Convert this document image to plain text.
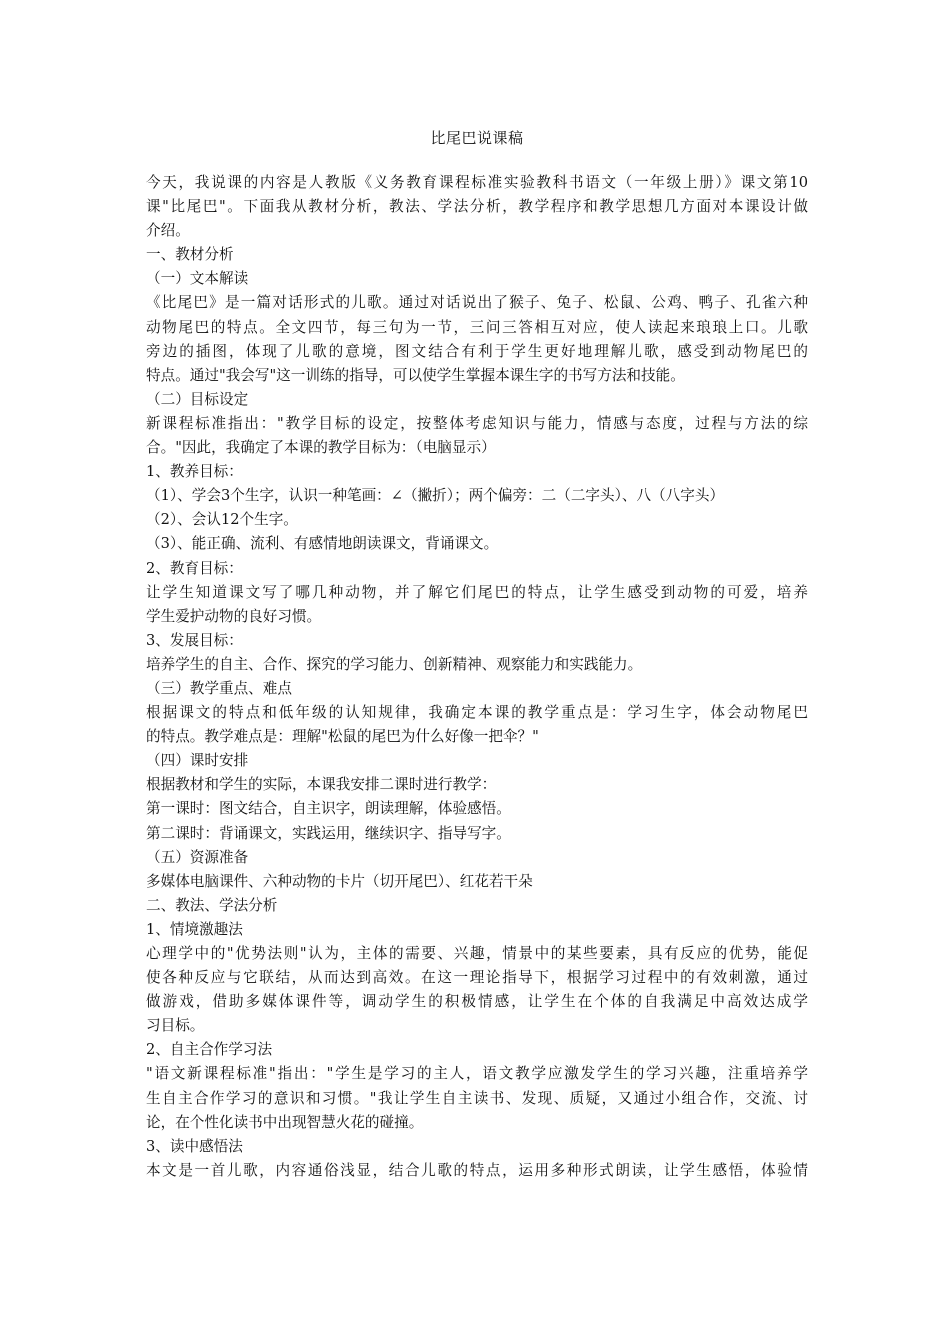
比尾巴说课稿
今天，我说课的内容是人教版《义务教育课程标准实验教科书语文（一年级上册）》课文第10
课"比尾巴"。下面我从教材分析，教法、学法分析，教学程序和教学思想几方面对本课设计做
介绍。
一、教材分析
（一）文本解读
《比尾巴》是一篇对话形式的儿歌。通过对话说出了猴子、兔子、松鼠、公鸡、鸭子、孔雀六种
动物尾巴的特点。全文四节，每三句为一节，三问三答相互对应，使人读起来琅琅上口。儿歌
旁边的插图，体现了儿歌的意境，图文结合有利于学生更好地理解儿歌，感受到动物尾巴的
特点。通过"我会写"这一训练的指导，可以使学生掌握本课生字的书写方法和技能。
（二）目标设定
新课程标准指出："教学目标的设定，按整体考虑知识与能力，情感与态度，过程与方法的综
合。"因此，我确定了本课的教学目标为：（电脑显示）
1、教养目标：
（1）、学会3个生字，认识一种笔画：∠（撇折）；两个偏旁：二（二字头）、八（八字头）
（2）、会认12个生字。
（3）、能正确、流利、有感情地朗读课文，背诵课文。
2、教育目标：
让学生知道课文写了哪几种动物，并了解它们尾巴的特点，让学生感受到动物的可爱，培养
学生爱护动物的良好习惯。
3、发展目标：
培养学生的自主、合作、探究的学习能力、创新精神、观察能力和实践能力。
（三）教学重点、难点
根据课文的特点和低年级的认知规律，我确定本课的教学重点是：学习生字，体会动物尾巴
的特点。教学难点是：理解"松鼠的尾巴为什么好像一把伞？"
（四）课时安排
根据教材和学生的实际，本课我安排二课时进行教学：
第一课时：图文结合，自主识字，朗读理解，体验感悟。
第二课时：背诵课文，实践运用，继续识字、指导写字。
（五）资源准备
多媒体电脑课件、六种动物的卡片（切开尾巴）、红花若干朵
二、教法、学法分析
1、情境激趣法
心理学中的"优势法则"认为，主体的需要、兴趣，情景中的某些要素，具有反应的优势，能促
使各种反应与它联结，从而达到高效。在这一理论指导下，根据学习过程中的有效刺激，通过
做游戏，借助多媒体课件等，调动学生的积极情感，让学生在个体的自我满足中高效达成学
习目标。
2、自主合作学习法
"语文新课程标准"指出："学生是学习的主人，语文教学应激发学生的学习兴趣，注重培养学
生自主合作学习的意识和习惯。"我让学生自主读书、发现、质疑，又通过小组合作，交流、讨
论，在个性化读书中出现智慧火花的碰撞。
3、读中感悟法
本文是一首儿歌，内容通俗浅显，结合儿歌的特点，运用多种形式朗读，让学生感悟，体验情
